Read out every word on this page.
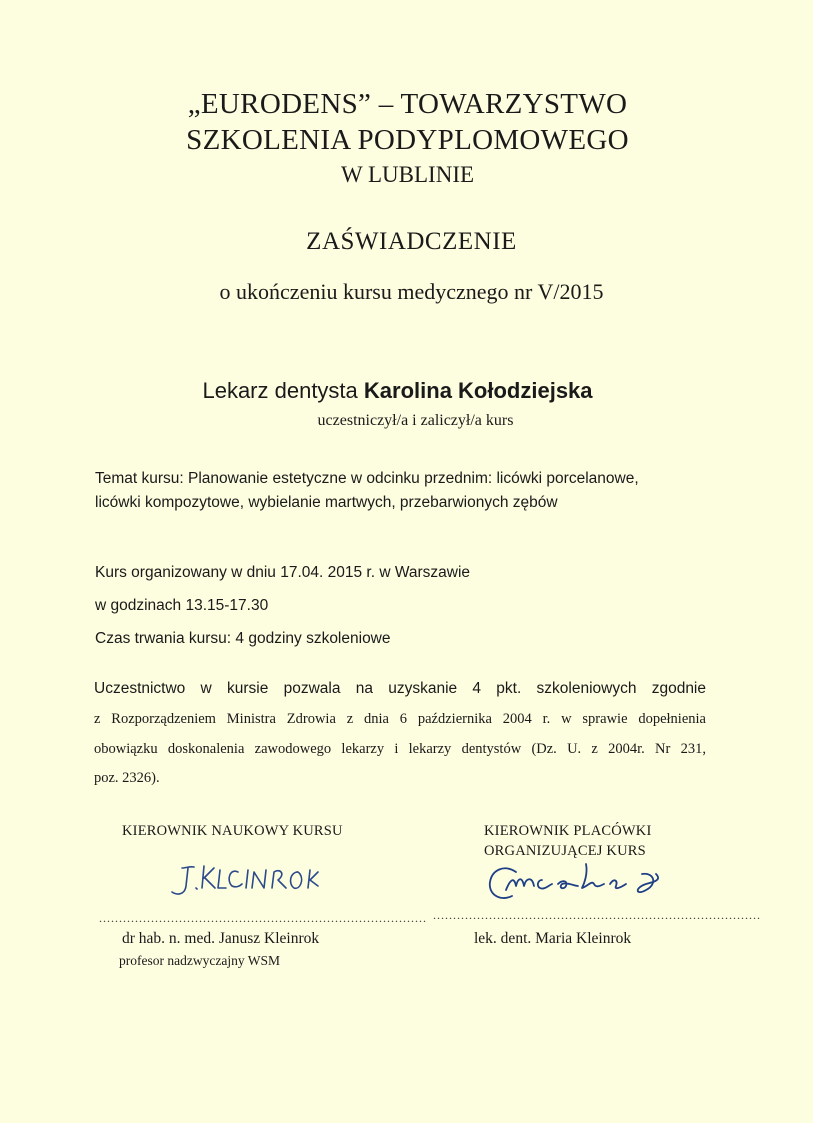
„EURODENS” – TOWARZYSTWO
SZKOLENIA PODYPLOMOWEGO
W LUBLINIE
ZAŚWIADCZENIE
o ukończeniu kursu medycznego nr V/2015
Lekarz dentysta Karolina Kołodziejska
uczestniczył/a i zaliczył/a kurs
Temat kursu: Planowanie estetyczne w odcinku przednim: licówki porcelanowe,
licówki kompozytowe, wybielanie martwych, przebarwionych zębów
Kurs organizowany w dniu 17.04. 2015 r. w Warszawie
w godzinach 13.15-17.30
Czas trwania kursu: 4 godziny szkoleniowe
Uczestnictwo w kursie pozwala na uzyskanie 4 pkt. szkoleniowych zgodnie
z Rozporządzeniem Ministra Zdrowia z dnia 6 października 2004 r. w sprawie dopełnienia
obowiązku doskonalenia zawodowego lekarzy i lekarzy dentystów (Dz. U. z 2004r. Nr 231,
poz. 2326).
KIEROWNIK NAUKOWY KURSU
..................................................................................
dr hab. n. med. Janusz Kleinrok
profesor nadzwyczajny WSM
KIEROWNIK PLACÓWKI
ORGANIZUJĄCEJ KURS
..................................................................................
lek. dent. Maria Kleinrok
